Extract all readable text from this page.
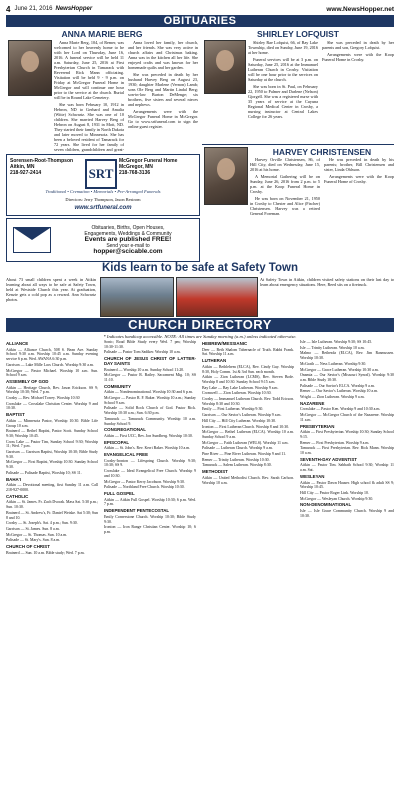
4 June 21, 2016 NewsHopper	www.NewsHopper.net
OBITUARIES
ANNA MARIE BERG

Anna Marie Berg, 104, of Remer, was welcomed to her heavenly home to be with her Lord on Thursday, June 16, 2016. A funeral service will be held 11 a.m. Saturday, June 25, 2016 at First Presbyterian Church in Tamarack with Reverend Rick Mann officiating. Visitation will be held 9 - 9 p.m. on Friday at McGregor Funeral Home in McGregor and will continue one hour prior to the service at the church. Burial will be in Round Lake Cemetery.

She was born February 10, 1912 in Hebron, ND to Gerhard and Amalia (Witte) Schwartz. She was one of 10 children. She married Harvey Berg of Hebron on August 8, 1931 in Mott, ND. They started their family in North Dakota and later moved to Minnesota. She has been a beloved resident of Tamarack for 72 years. She lived for her family of seven children, grandchildren and great-

Anna loved her family, her church, and her friends. She was very active in church affairs and Christmas baking. Anna was in the kitchen all her life. She enjoyed crafts and was known for her homemade quilts and her garden.

She was preceded in death by her husband Harvey Berg on August 23, 1930; daughter Marlene (Vernon) Lamb; sons Ole Berg and Martin Lindal Berg; son-in-law Burton DeMenge; six brothers, five sisters and several nieces and nephews.

Arrangements were with the McGregor Funeral Home in McGregor. Go to www.srtfuneral.com to sign the online guest register.

SHIRLEY LOFQUIST

Shirley Rae Lofquist, 66, of Bay Lake Township, died on Sunday, June 19, 2016 at her home.

Funeral services will be at 3 p.m. on Saturday, June 25, 2016 at the Immanuel Lutheran Church in Crosby. Visitation will be one hour prior to the services on Saturday at the church.

She was born in St. Paul, on February 22, 1950 to Palmer and Darlene (Nelson) Gjorgell. She was a registered nurse with 35 years of service at the Cuyuna Regional Medical Center in Crosby, a nursing instructor at Central Lakes College for 26 years.

She was preceded in death by her parents and son, Gregory Lofquist.

Arrangements were with the Koop Funeral Home in Crosby.

HARVEY CHRISTENSEN

Harvey Orville Christensen, 86, of Hill City, died on Wednesday, June 15, 2016 at his home.

A Memorial Gathering will be on Sunday, June 26, 2016 from 2 p.m. to 5 p.m. at the Koop Funeral Home in Crosby.

He was born on November 21, 1950 in Crosby to Chester and Alice (Fischer) Christensen. Harvey was a retired General Foreman.

He was preceded in death by his parents; brother, Bill Christensen and sister, Linda Ohlsson.

Arrangements were with the Koop Funeral Home of Crosby.

Sorensen-Root-Thompson
Aitkin, MN
218-927-2414	SRT
McGregor Funeral Home
McGregor, MN
218-768-3136
Traditional • Cremation • Memorials • Pre-Arranged Funerals
Directors: Jerry Thompson, Jason Bestrom
www.srtfuneral.com
Obituaries, Births, Open Houses,
Engagements, Weddings & Community
Events are published FREE!
Send your e-mail to
hopper@scicable.com
Kids learn to be safe at Safety Town
About 73 small children spent a week in Aitkin learning about all ways to be safe at Safety Town, held at Westside Church this year. At graduation, Kenzie gets a cold pop as a reward. Ann Schwartz photos.
At Safety Town in Aitkin, children visited safety stations on their last day to learn about emergency situations. Here, Reed sits on a firetruck.
CHURCH DIRECTORY
* Indicates handicap accessible. NOTE: All times are Sunday morning (a.m.) unless indicated otherwise.
ALLIANCE

Aitkin — Alliance Church, 508 S. Bean Ave. Sunday School 9:30 a.m. Worship 10:45 a.m. Sunday evening service 6 p.m. Wed. AWANA 6:30 p.m.

Garrison — Lake Mille Lacs Church. Worship 9:30 a.m.

McGregor — Pastor Michael. Worship 10 a.m. Sun. School 9 a.m.

ASSEMBLY OF GOD

Aitkin — Heritage Church, Rev. Jason Erickson. SS 9; Worship 10:30; Wed. 7 p.m.

Crosby — Rev. Michael Torrey. Worship 10:30

Crosslake — Crosslake Christian Center. Worship 9 and 10:30.

BAPTIST

Aitkin — Minnesota Pastor, Worship 10:30. Bible Life Group 10 a.m.

Brainerd — Bethel Baptist, Pastor Scott. Sunday School 9:30; Worship 10:45.

Cross Lake — Pastor Tim, Sunday School 9:30; Worship 11; Wed. 7 p.m.

Garrison — Garrison Baptist, Worship 10:30; Bible Study 9:30.

McGregor — First Baptist, Worship 10:30. Sunday School 9:30.

Palisade — Palisade Baptist, Worship 10; SS 11.

BAHA'I

Aitkin — Devotional meeting, first Sunday 11 a.m. Call 218-927-0000.

CATHOLIC

Aitkin — St. James. Fr. Zach Dvorak. Mass Sat. 5:30 p.m.; Sun. 10:30.

Brainerd — St. Andrew's, Fr. Daniel Weiske. Sat 5:30; Sun 8 and 10.

Crosby — St. Joseph's. Sat. 4 p.m.; Sun. 9:30.

Garrison — St. James. Sun. 8 a.m.

McGregor — St. Thomas. Sun. 10 a.m.

Palisade — St. Mary's. Sun. 8 a.m.

CHURCH OF CHRIST

Brainerd — Sun. 10 a.m. Bible study; Wed. 7 p.m.

Sonic; Road Bible Study every Wed. 7 pm; Worship 10:30-11:30.

Palisade — Pastor Tom Sadiker. Worship 10 a.m.

CHURCH OF JESUS CHRIST OF LATTER-DAY SAINTS

Brainerd — Worship 10 a.m. Sunday School 11:20.

McGregor — Pastor R. Bailey. Sacrament Mtg. 10; SS 11:10.

COMMUNITY

Aitkin — Nondenominational. Worship 10:30 and 6 p.m.

McGregor — Pastor R. F. Baker. Worship 10 a.m.; Sunday School 9 a.m.

Palisade — Solid Rock Church of God. Pastor Rick. Worship 10:30 a.m.; Sun. 6:30 p.m.

Tamarack — Tamarack Community. Worship 10 a.m. Sunday School 9.

CONGREGATIONAL

Aitkin — First UCC, Rev. Jon Sundberg. Worship 10:30.

EPISCOPAL

Aitkin — St. John's. Rev. Kerri Baker. Worship 10 a.m.

EVANGELICAL FREE

Crosby-Ironton — Lifespring Church. Worship 9:30; 10:30; SS 9.

Crosslake — Ideal Evangelical Free Church. Worship 9 and 10:30.

McGregor — Pastor Kerry Jacobson. Worship 9:30.

Palisade — Northland Free Church. Worship 10:30.

FULL GOSPEL

Aitkin — Aitkin Full Gospel. Worship 10:30; 6 p.m. Wed. 7 p.m.

INDEPENDENT PENTECOSTAL

Emily Cornerstone Church. Worship 10:30; Bible Study 9:30.

Ironton — Iron Range Christian Center. Worship 10; 6 p.m.

HEBREW/MESSIANIC

Deer — Beth Shalom Tabernacle of Truth. Rabbi Frank. Sat. Worship 11 a.m.

LUTHERAN

Aitkin — Bethlehem (ELCA), Rev. Cindy Guy. Worship 8:30, Holy Comm. 1st & 3rd Sun. each month.

Aitkin — Zion Lutheran (LCMS), Rev. Steven Bode. Worship 8 and 10:30. Sunday School 9:15 a.m.

Bay Lake — Bay Lake Lutheran. Worship 9 a.m.

Cromwell — Zion Lutheran. Worship 10:30.

Crosby — Immanuel Lutheran Church. Rev. Todd Ericson. Worship 8:30 and 10:30.

Emily — First Lutheran. Worship 9:30.

Garrison — Our Savior's Lutheran. Worship 9 a.m.

Hill City — Hill City Lutheran. Worship 10:30.

Ironton — First Lutheran Church. Worship 8 and 10:30.

McGregor — Bethel Lutheran (ELCA). Worship 10 a.m. Sunday School 9 a.m.

McGregor — Faith Lutheran (WELS). Worship 11 a.m.

Palisade — Lutheran Church. Worship 9 a.m.

Pine River — Pine River Lutheran. Worship 9 and 11.

Remer — Trinity Lutheran. Worship 10:30.

Tamarack — Salem Lutheran. Worship 8:30.

METHODIST

Aitkin — United Methodist Church. Rev. Sarah Carlson. Worship 10 a.m.

Isle — Isle Lutheran. Worship 9:30; SS 10:45.

Isle — Trinity Lutheran. Worship 10 a.m.

Malmo — Bethesda (ELCA), Rev. Jim Rasmussen. Worship 10:30.

McGrath — Ness Lutheran. Worship 9:30.

McGregor — Grace Lutheran. Worship 10:30 a.m.

Onamia — Our Savior's (Missouri Synod). Worship 9:30 a.m. Bible Study 10:30.

Palisade — Our Savior's ELCA. Worship 9 a.m.

Remer — Our Savior's Lutheran. Worship 10 a.m.

Wright — Zion Lutheran. Worship 9 a.m.

NAZARENE

Crosslake — Pastor Ken. Worship 9 and 10:30 a.m.

McGregor — McGregor Church of the Nazarene. Worship 11 a.m.

PRESBYTERIAN

Aitkin — First Presbyterian. Worship 10:30; Sunday School 9:15.

Remer — First Presbyterian. Worship 9 a.m.

Tamarack — First Presbyterian. Rev. Rick Mann. Worship 10 a.m.

SEVENTH-DAY ADVENTIST

Aitkin — Pastor Tim. Sabbath School 9:30; Worship 11 a.m. Sat.

WESLEYAN

Aitkin — Pastor Dawn Hauser. High school & adult SS 9; Worship 10:45.

Hill City — Pastor Roger Link. Worship 10.

McGregor — Wesleyan Church. Worship 9:30.

NON-DENOMINATIONAL

Isle — Isle Grace Community Church. Worship 9 and 10:30.
